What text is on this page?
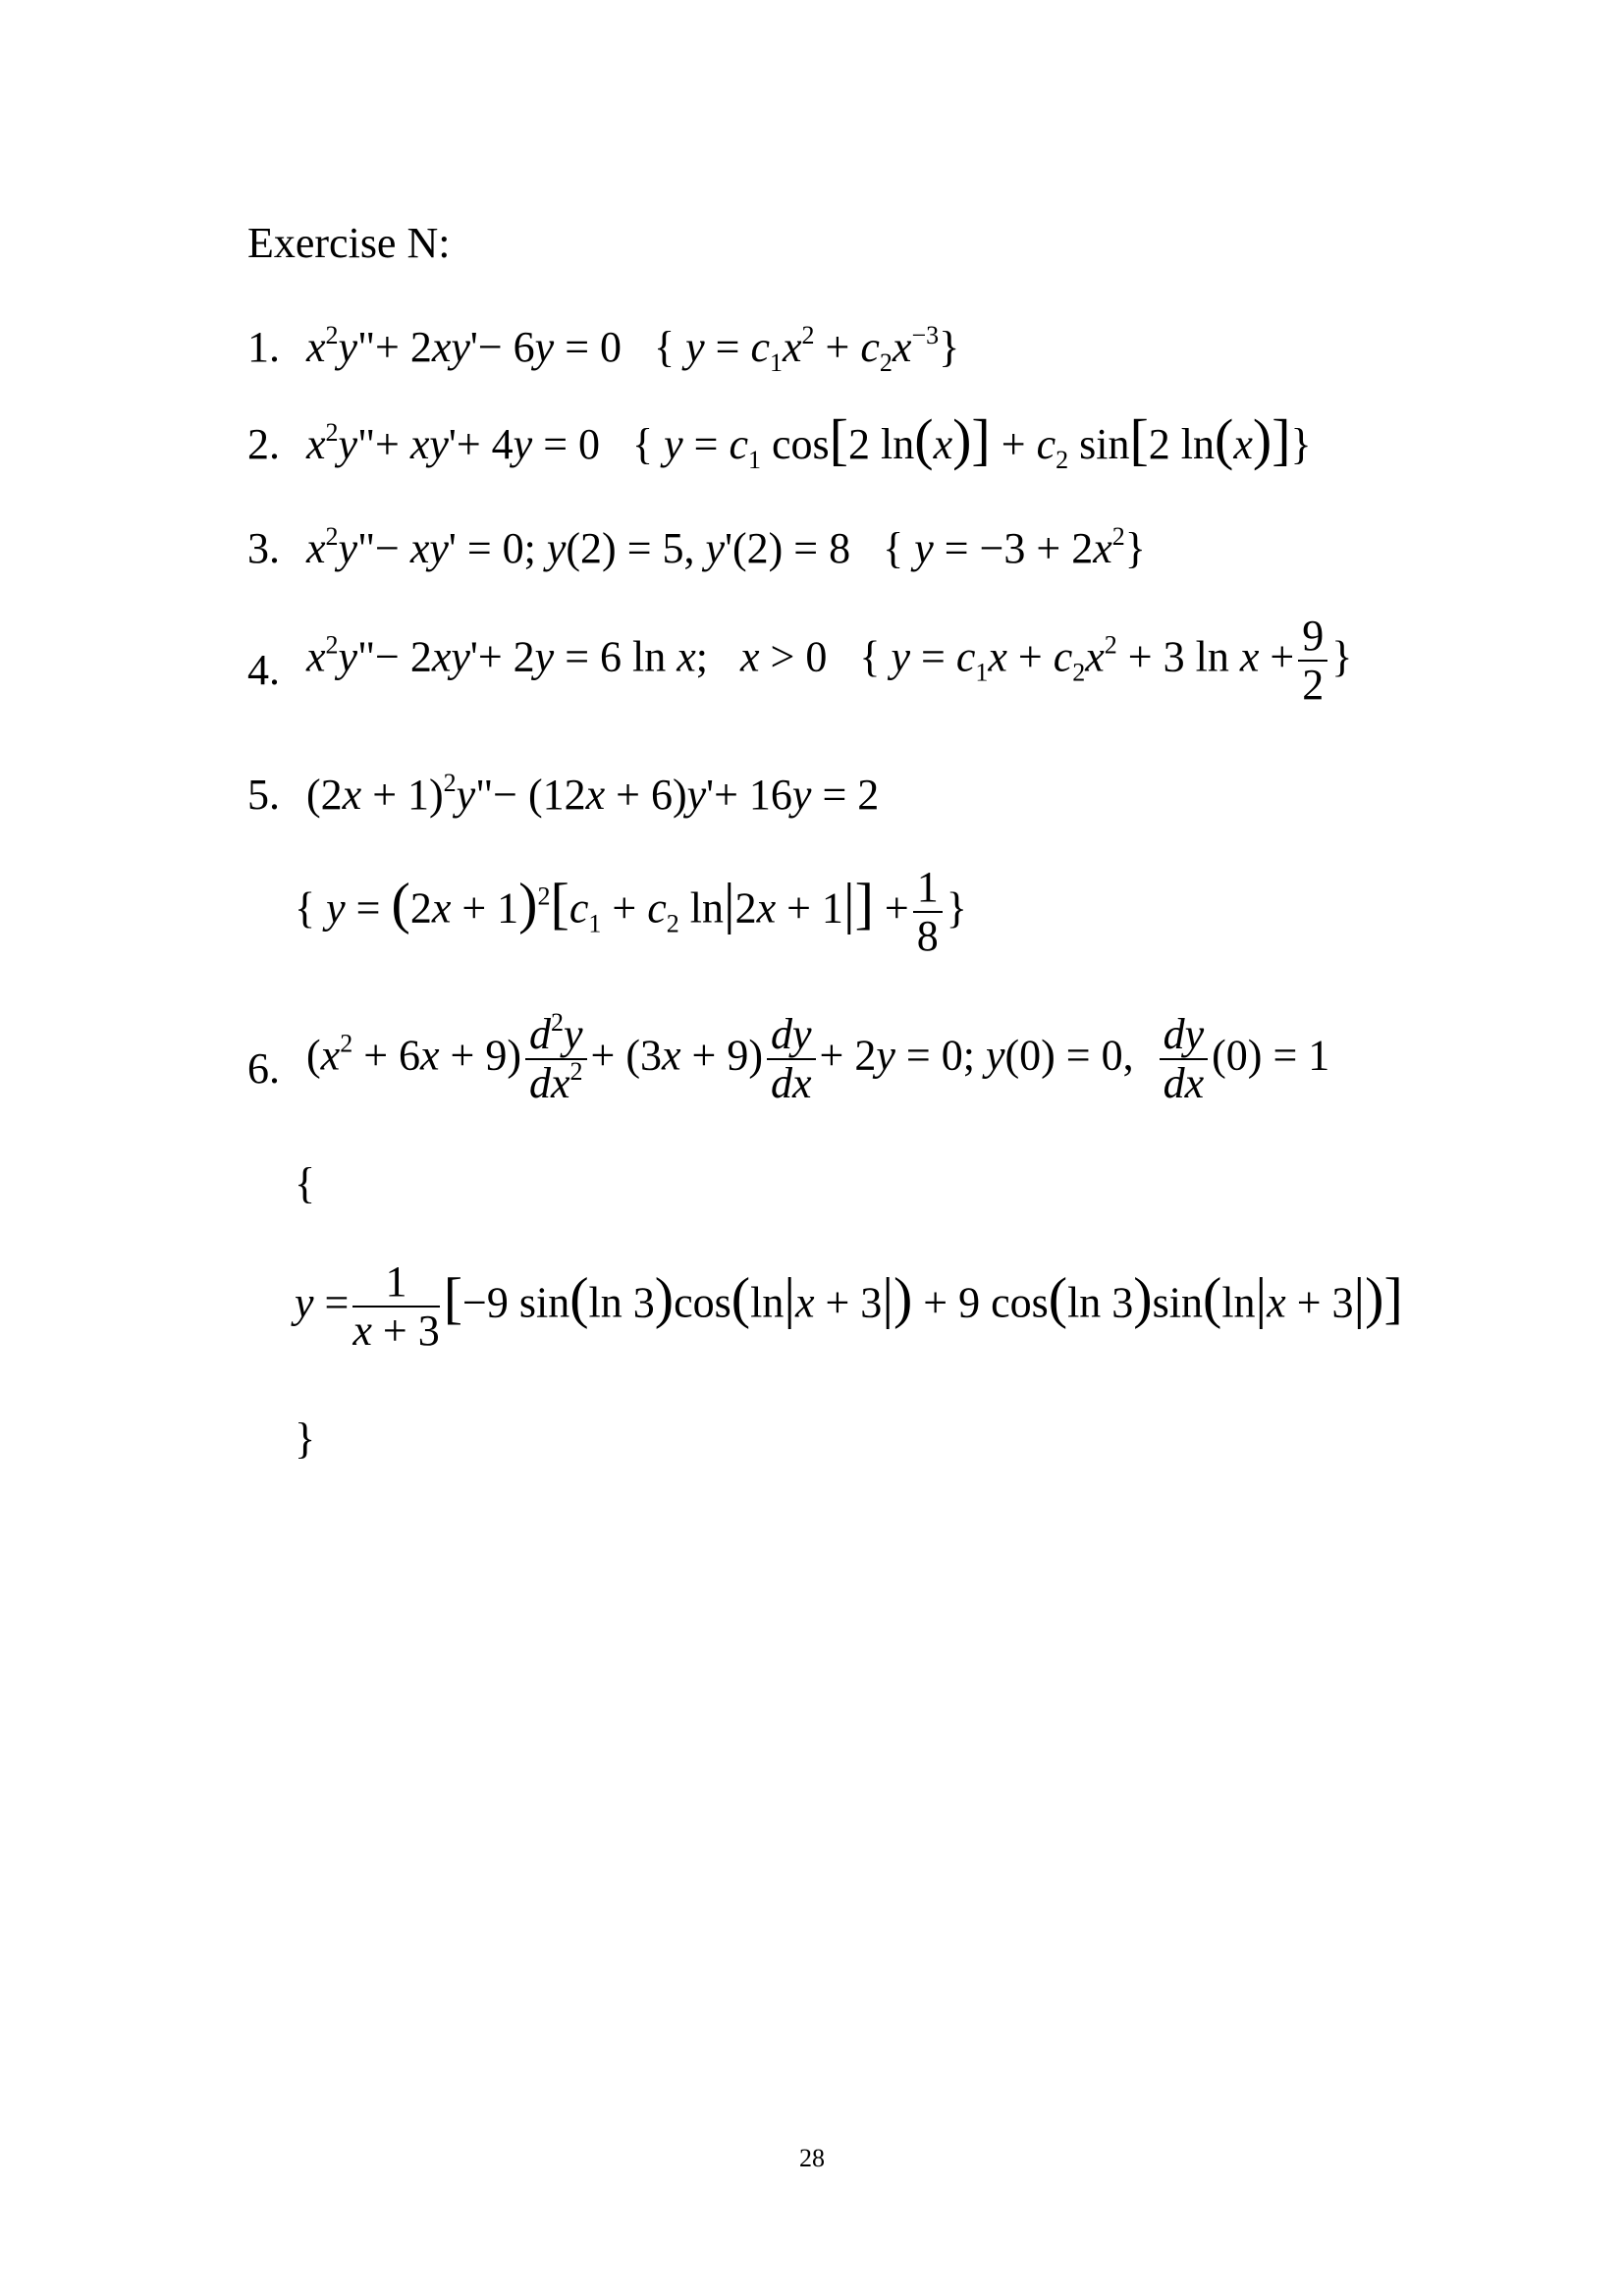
Exercise N:
1. $x^2y"+ 2xy'- 6y = 0$   { $y = c_1x^2 + c_2x^{-3}$}
2. $x^2y"+ xy'+ 4y = 0$   { $y = c_1$ cos[2 $\ln(x)] + c_2$ sin[2 ln(x)]}
3. $x^2y"- xy' = 0$; y(2) = 5, y'(2) = 8   { $y = -3 + 2x^2$}
4. $x^2y"- 2xy'+ 2y = 6$ ln x;   x > 0   { $y = c_1x + c_2x^2 + 3$ $\ln x + \frac{9}{2}$ }
5. $(2x + 1)^2y"- (12x + 6)y'+ 16y = 2$
{ $y = (2x + 1)^2[c_1 + c_2$ $\ln|2x + 1|] + \frac{1}{8}$ }
6. $(x^2 + 6x + 9) \frac{d^2y}{dx^2} + (3x + 9) \frac{dy}{dx} + 2y = 0$; y(0) = 0, $\frac{dy}{dx} (0) = 1$
{
$y = \frac{1}{x + 3} [-9$ sin(ln 3)cos(ln|x + 3|) + 9 cos(ln 3)sin(ln|x + 3|)]
}
28
